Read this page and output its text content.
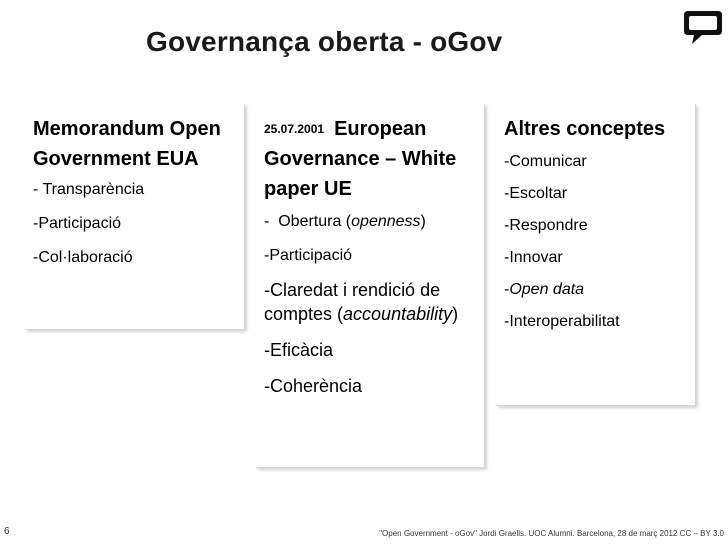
Governança oberta - oGov
Memorandum Open Government EUA
- Transparència
-Participació
-Col·laboració
25.07.2001 European
Governance – White paper UE
-  Obertura (openness)
-Participació
-Claredat i rendició de comptes (accountability)
-Eficàcia
-Coherència
Altres conceptes
-Comunicar
-Escoltar
-Respondre
-Innovar
-Open data
-Interoperabilitat
6	"Open Government - oGov" Jordi Graells. UOC Alumni. Barcelona, 28 de març 2012 CC – BY 3.0
